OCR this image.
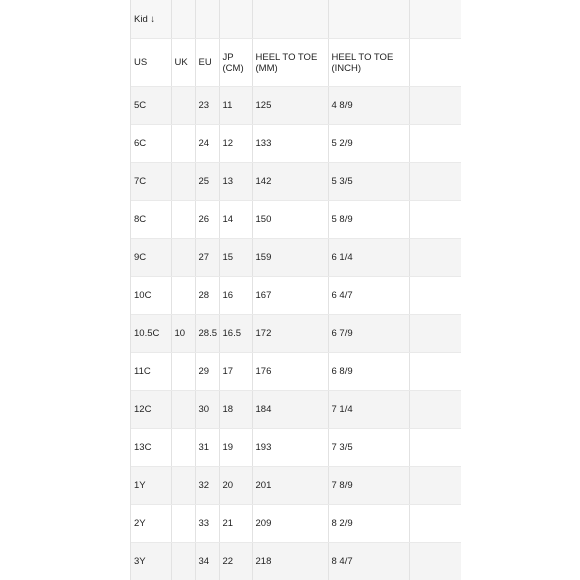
Kid ↓						
US	UK	EU	JP (CM)	HEEL TO TOE (MM)	HEEL TO TOE (INCH)	
5C		23	11	125	4 8/9	
6C		24	12	133	5 2/9	
7C		25	13	142	5 3/5	
8C		26	14	150	5 8/9	
9C		27	15	159	6 1/4	
10C		28	16	167	6 4/7	
10.5C	10	28.5	16.5	172	6 7/9	
11C		29	17	176	6 8/9	
12C		30	18	184	7 1/4	
13C		31	19	193	7 3/5	
1Y		32	20	201	7 8/9	
2Y		33	21	209	8 2/9	
3Y		34	22	218	8 4/7	
